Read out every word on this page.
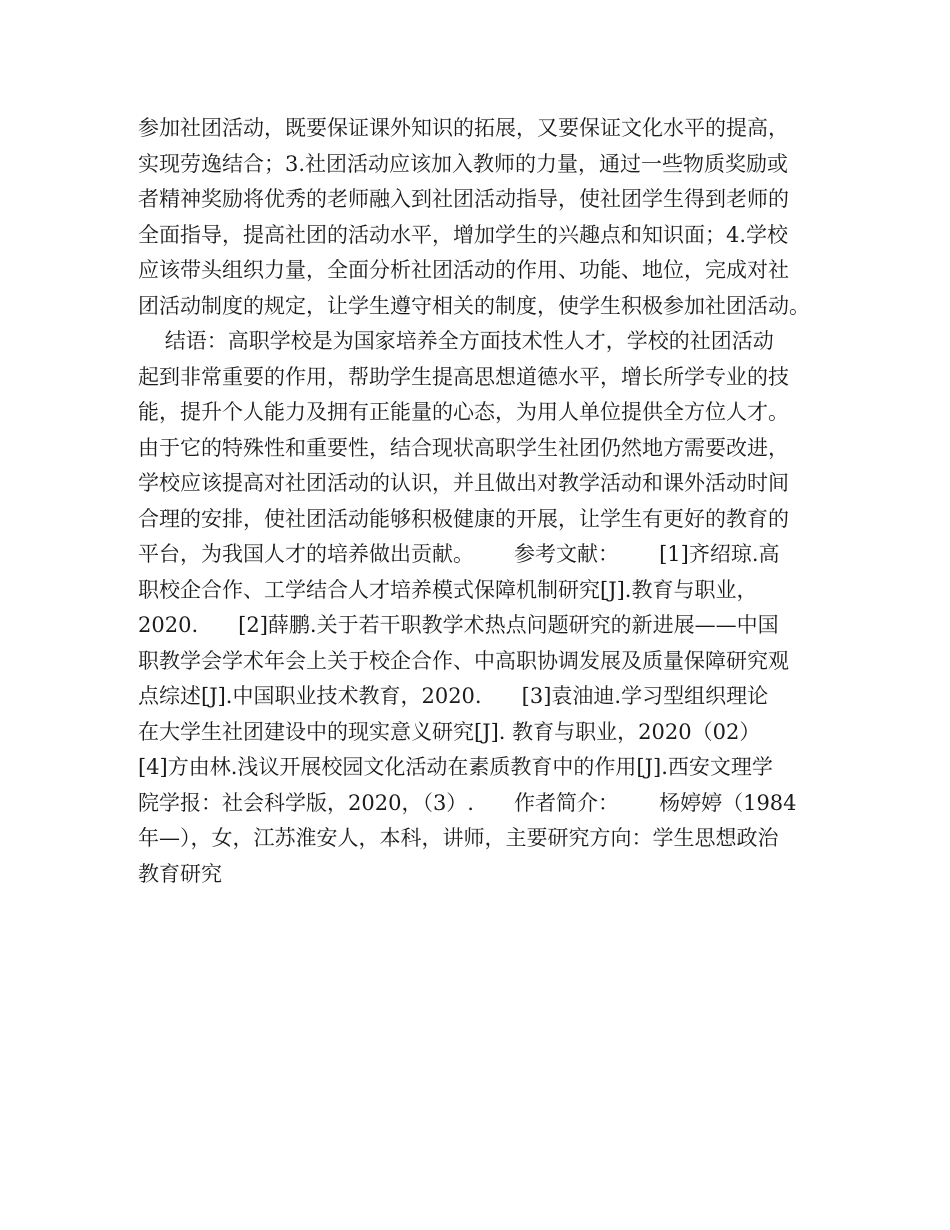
参加社团活动，既要保证课外知识的拓展，又要保证文化水平的提高，
实现劳逸结合；3.社团活动应该加入教师的力量，通过一些物质奖励或
者精神奖励将优秀的老师融入到社团活动指导，使社团学生得到老师的
全面指导，提高社团的活动水平，增加学生的兴趣点和知识面；4.学校
应该带头组织力量，全面分析社团活动的作用、功能、地位，完成对社
团活动制度的规定，让学生遵守相关的制度，使学生积极参加社团活动。
结语：高职学校是为国家培养全方面技术性人才，学校的社团活动
起到非常重要的作用，帮助学生提高思想道德水平，增长所学专业的技
能，提升个人能力及拥有正能量的心态，为用人单位提供全方位人才。
由于它的特殊性和重要性，结合现状高职学生社团仍然地方需要改进，
学校应该提高对社团活动的认识，并且做出对教学活动和课外活动时间
合理的安排，使社团活动能够积极健康的开展，让学生有更好的教育的
平台，为我国人才的培养做出贡献。      参考文献：      [1]齐绍琼.高
职校企合作、工学结合人才培养模式保障机制研究[J].教育与职业，
2020.      [2]薛鹏.关于若干职教学术热点问题研究的新进展——中国
职教学会学术年会上关于校企合作、中高职协调发展及质量保障研究观
点综述[J].中国职业技术教育，2020.      [3]袁油迪.学习型组织理论
在大学生社团建设中的现实意义研究[J]. 教育与职业，2020（02）
[4]方由林.浅议开展校园文化活动在素质教育中的作用[J].西安文理学
院学报：社会科学版，2020，（3）.      作者简介：      杨婷婷（1984
年—），女，江苏淮安人，本科，讲师，主要研究方向：学生思想政治
教育研究
